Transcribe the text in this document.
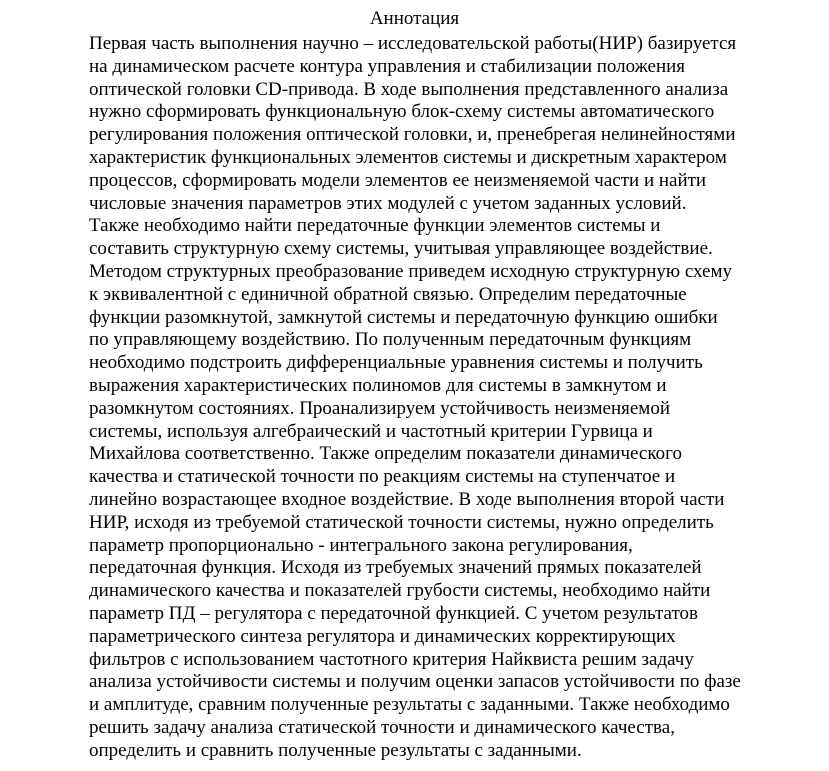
Аннотация
Первая часть выполнения научно – исследовательской работы(НИР) базируется
на динамическом расчете контура управления и стабилизации положения
оптической головки CD-привода. В ходе выполнения представленного анализа
нужно сформировать функциональную блок-схему системы автоматического
регулирования положения оптической головки, и, пренебрегая нелинейностями
характеристик функциональных элементов системы и дискретным характером
процессов, сформировать модели элементов ее неизменяемой части и найти
числовые значения параметров этих модулей с учетом заданных условий.
Также необходимо найти передаточные функции элементов системы и
составить структурную схему системы, учитывая управляющее воздействие.
Методом структурных преобразование приведем исходную структурную схему
к эквивалентной с единичной обратной связью. Определим передаточные
функции разомкнутой, замкнутой системы и передаточную функцию ошибки
по управляющему воздействию. По полученным передаточным функциям
необходимо подстроить дифференциальные уравнения системы и получить
выражения характеристических полиномов для системы в замкнутом и
разомкнутом состояниях. Проанализируем устойчивость неизменяемой
системы, используя алгебраический и частотный критерии Гурвица и
Михайлова соответственно. Также определим показатели динамического
качества и статической точности по реакциям системы на ступенчатое и
линейно возрастающее входное воздействие. В ходе выполнения второй части
НИР, исходя из требуемой статической точности системы, нужно определить
параметр пропорционально - интегрального закона регулирования,
передаточная функция. Исходя из требуемых значений прямых показателей
динамического качества и показателей грубости системы, необходимо найти
параметр ПД – регулятора с передаточной функцией. С учетом результатов
параметрического синтеза регулятора и динамических корректирующих
фильтров с использованием частотного критерия Найквиста решим задачу
анализа устойчивости системы и получим оценки запасов устойчивости по фазе
и амплитуде, сравним полученные результаты с заданными. Также необходимо
решить задачу анализа статической точности и динамического качества,
определить и сравнить полученные результаты с заданными.
